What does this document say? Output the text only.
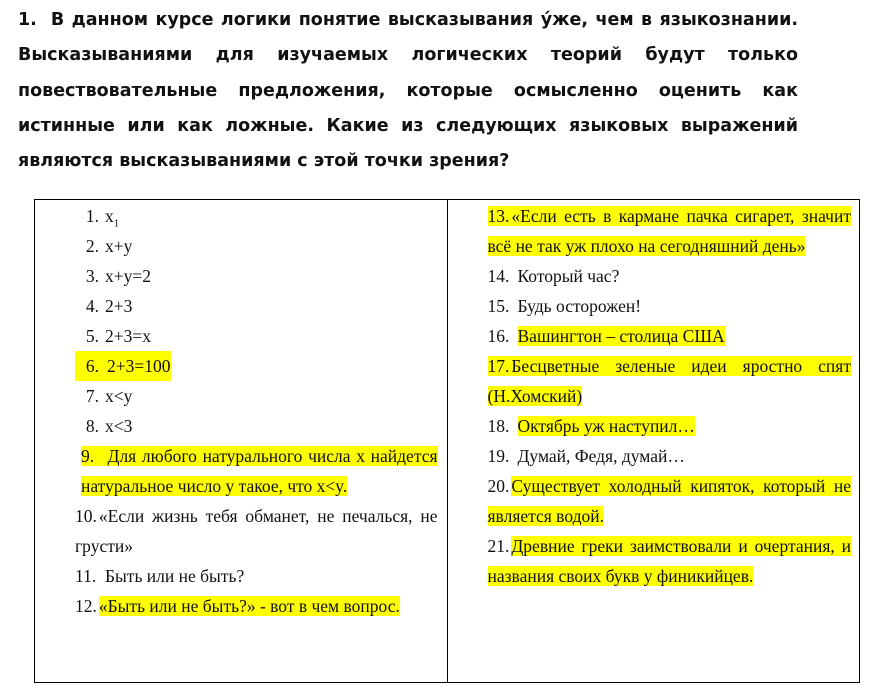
1. В данном курсе логики понятие высказывания у́же, чем в языкознании. Высказываниями для изучаемых логических теорий будут только повествовательные предложения, которые осмысленно оценить как истинные или как ложные. Какие из следующих языковых выражений являются высказываниями с этой точки зрения?

1. $x_1$
2. x+y
3. x+y=2
4. 2+3
5. 2+3=x
6. 2+3=100
7. x<y
8. x<3
9. Для любого натурального числа x найдется натуральное число y такое, что x<y.
10. «Если жизнь тебя обманет, не печалься, не грусти»
11. Быть или не быть?
12. «Быть или не быть?» - вот в чем вопрос.

13. «Если есть в кармане пачка сигарет, значит всё не так уж плохо на сегодняшний день»
14. Который час?
15. Будь осторожен!
16. Вашингтон – столица США
17. Бесцветные зеленые идеи яростно спят (Н.Хомский)
18. Октябрь уж наступил…
19. Думай, Федя, думай…
20. Существует холодный кипяток, который не является водой.
21. Древние греки заимствовали и очертания, и названия своих букв у финикийцев.
